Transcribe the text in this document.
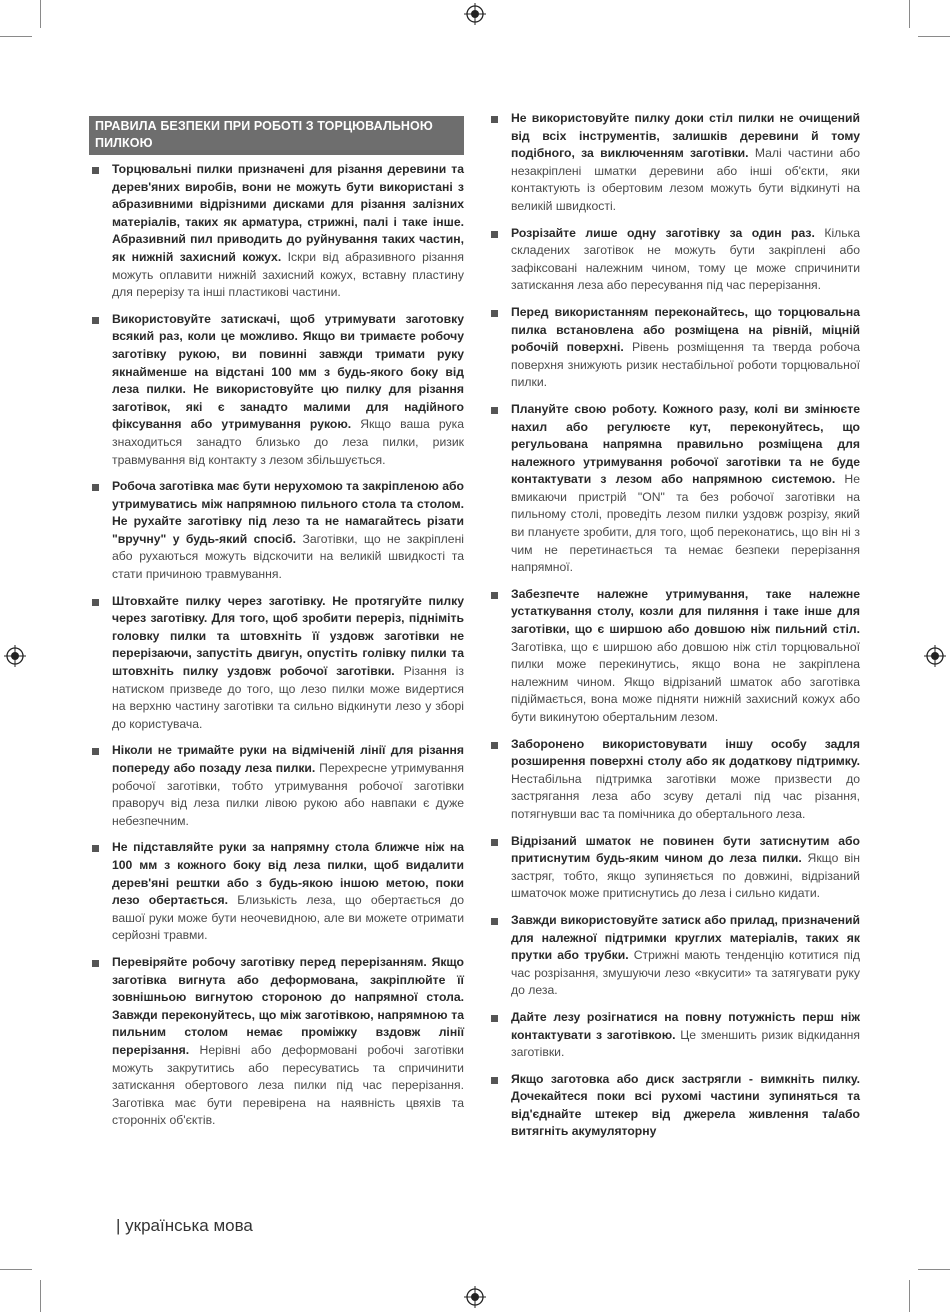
ПРАВИЛА БЕЗПЕКИ ПРИ РОБОТІ З ТОРЦЮВАЛЬНОЮ ПИЛКОЮ
Торцювальні пилки призначені для різання деревини та дерев'яних виробів, вони не можуть бути використані з абразивними відрізними дисками для різання залізних матеріалів, таких як арматура, стрижні, палі і таке інше. Абразивний пил приводить до руйнування таких частин, як нижній захисний кожух. Іскри від абразивного різання можуть оплавити нижній захисний кожух, вставну пластину для перерізу та інші пластикові частини.
Використовуйте затискачі, щоб утримувати заготовку всякий раз, коли це можливо. Якщо ви тримаєте робочу заготівку рукою, ви повинні завжди тримати руку якнайменше на відстані 100 мм з будь-якого боку від леза пилки. Не використовуйте цю пилку для різання заготівок, які є занадто малими для надійного фіксування або утримування рукою. Якщо ваша рука знаходиться занадто близько до леза пилки, ризик травмування від контакту з лезом збільшується.
Робоча заготівка має бути нерухомою та закріпленою або утримуватись між напрямною пильного стола та столом. Не рухайте заготівку під лезо та не намагайтесь різати "вручну" у будь-який спосіб. Заготівки, що не закріплені або рухаються можуть відскочити на великій швидкості та стати причиною травмування.
Штовхайте пилку через заготівку. Не протягуйте пилку через заготівку. Для того, щоб зробити переріз, підніміть головку пилки та штовхніть її уздовж заготівки не перерізаючи, запустіть двигун, опустіть голівку пилки та штовхніть пилку уздовж робочої заготівки. Різання із натиском призведе до того, що лезо пилки може видертися на верхню частину заготівки та сильно відкинути лезо у зборі до користувача.
Ніколи не тримайте руки на відміченій лінії для різання попереду або позаду леза пилки. Перехресне утримування робочої заготівки, тобто утримування робочої заготівки праворуч від леза пилки лівою рукою або навпаки є дуже небезпечним.
Не підставляйте руки за напрямну стола ближче ніж на 100 мм з кожного боку від леза пилки, щоб видалити дерев'яні рештки або з будь-якою іншою метою, поки лезо обертається. Близькість леза, що обертається до вашої руки може бути неочевидною, але ви можете отримати серйозні травми.
Перевіряйте робочу заготівку перед перерізанням. Якщо заготівка вигнута або деформована, закріплюйте її зовнішньою вигнутою стороною до напрямної стола. Завжди переконуйтесь, що між заготівкою, напрямною та пильним столом немає проміжку вздовж лінії перерізання. Нерівні або деформовані робочі заготівки можуть закрутитись або пересуватись та спричинити затискання обертового леза пилки під час перерізання. Заготівка має бути перевірена на наявність цвяхів та сторонніх об'єктів.
Не використовуйте пилку доки стіл пилки не очищений від всіх інструментів, залишків деревини й тому подібного, за виключенням заготівки. Малі частини або незакріплені шматки деревини або інші об'єкти, яки контактують із обертовим лезом можуть бути відкинуті на великій швидкості.
Розрізайте лише одну заготівку за один раз. Кілька складених заготівок не можуть бути закріплені або зафіксовані належним чином, тому це може спричинити затискання леза або пересування під час перерізання.
Перед використанням переконайтесь, що торцювальна пилка встановлена або розміщена на рівній, міцній робочій поверхні. Рівень розміщення та тверда робоча поверхня знижують ризик нестабільної роботи торцювальної пилки.
Плануйте свою роботу. Кожного разу, колі ви змінюєте нахил або регулюєте кут, переконуйтесь, що регульована напрямна правильно розміщена для належного утримування робочої заготівки та не буде контактувати з лезом або напрямною системою. Не вмикаючи пристрій "ON" та без робочої заготівки на пильному столі, проведіть лезом пилки уздовж розрізу, який ви плануєте зробити, для того, щоб переконатись, що він ні з чим не перетинається та немає безпеки перерізання напрямної.
Забезпечте належне утримування, таке належне устаткування столу, козли для пиляння і таке інше для заготівки, що є ширшою або довшою ніж пильний стіл. Заготівка, що є ширшою або довшою ніж стіл торцювальної пилки може перекинутись, якщо вона не закріплена належним чином. Якщо відрізаний шматок або заготівка підіймається, вона може підняти нижній захисний кожух або бути викинутою обертальним лезом.
Заборонено використовувати іншу особу задля розширення поверхні столу або як додаткову підтримку. Нестабільна підтримка заготівки може призвести до застрягання леза або зсуву деталі під час різання, потягнувши вас та помічника до обертального леза.
Відрізаний шматок не повинен бути затиснутим або притиснутим будь-яким чином до леза пилки. Якщо він застряг, тобто, якщо зупиняється по довжині, відрізаний шматочок може притиснутись до леза і сильно кидати.
Завжди використовуйте затиск або прилад, призначений для належної підтримки круглих матеріалів, таких як прутки або трубки. Стрижні мають тенденцію котитися під час розрізання, змушуючи лезо «вкусити» та затягувати руку до леза.
Дайте лезу розігнатися на повну потужність перш ніж контактувати з заготівкою. Це зменшить ризик відкидання заготівки.
Якщо заготовка або диск застрягли - вимкніть пилку. Дочекайтеся поки всі рухомі частини зупиняться та від'єднайте штекер від джерела живлення та/або витягніть акумуляторну
| українська мова
